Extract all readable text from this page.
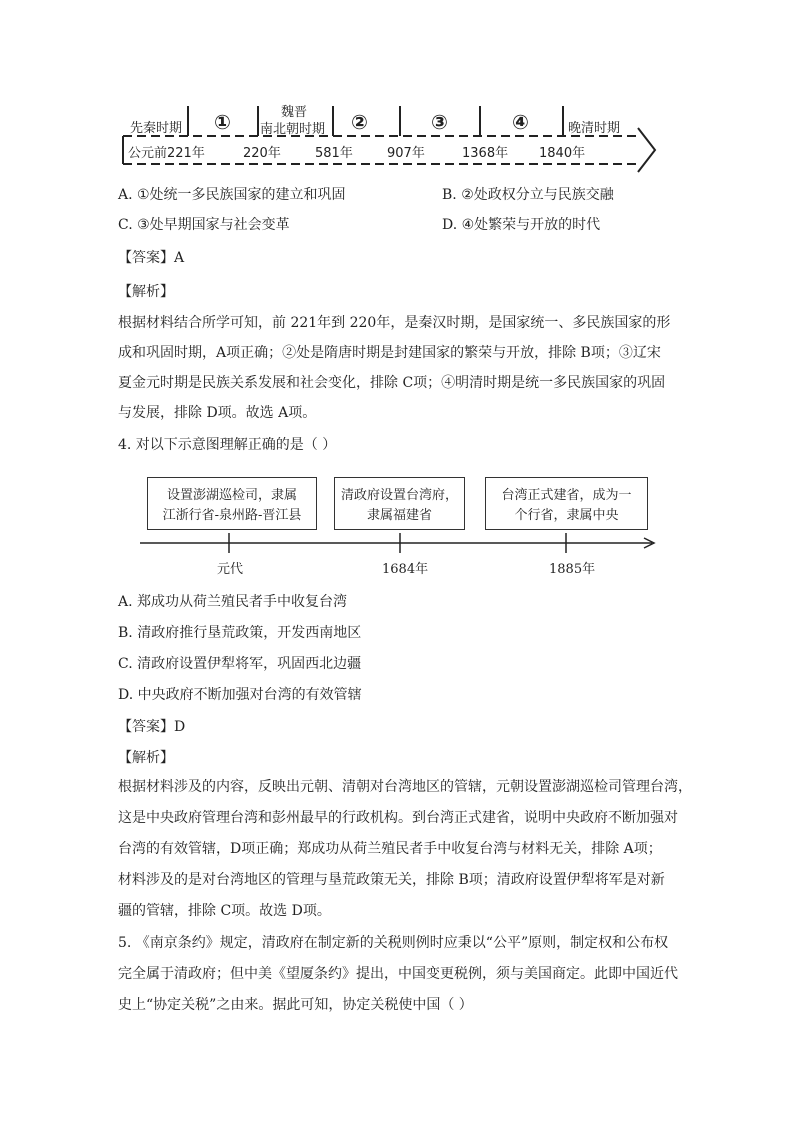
先秦时期 ①	魏晋
南北朝时期 ②	③	④	晚清时期
公元前221年	220年	581年	907年	1368年 1840年
A. ①处统一多民族国家的建立和巩固	B. ②处政权分立与民族交融
C. ③处早期国家与社会变革	D. ④处繁荣与开放的时代
【答案】A
【解析】
根据材料结合所学可知，前 221年到 220年，是秦汉时期，是国家统一、多民族国家的形
成和巩固时期，A项正确；②处是隋唐时期是封建国家的繁荣与开放，排除 B项；③辽宋
夏金元时期是民族关系发展和社会变化，排除 C项；④明清时期是统一多民族国家的巩固
与发展，排除 D项。故选 A项。
4. 对以下示意图理解正确的是（ ）
设置澎湖巡检司，隶属
江浙行省-泉州路-晋江县
清政府设置台湾府，
隶属福建省
台湾正式建省，成为一
个行省，隶属中央
元代	1684年	1885年
A. 郑成功从荷兰殖民者手中收复台湾
B. 清政府推行垦荒政策，开发西南地区
C. 清政府设置伊犁将军，巩固西北边疆
D. 中央政府不断加强对台湾的有效管辖
【答案】D
【解析】
根据材料涉及的内容，反映出元朝、清朝对台湾地区的管辖，元朝设置澎湖巡检司管理台湾，
这是中央政府管理台湾和彭州最早的行政机构。到台湾正式建省，说明中央政府不断加强对
台湾的有效管辖，D项正确；郑成功从荷兰殖民者手中收复台湾与材料无关，排除 A项；
材料涉及的是对台湾地区的管理与垦荒政策无关，排除 B项；清政府设置伊犁将军是对新
疆的管辖，排除 C项。故选 D项。
5. 《南京条约》规定，清政府在制定新的关税则例时应秉以“公平”原则，制定权和公布权
完全属于清政府；但中美《望厦条约》提出，中国变更税例，须与美国商定。此即中国近代
史上“协定关税”之由来。据此可知，协定关税使中国（ ）
